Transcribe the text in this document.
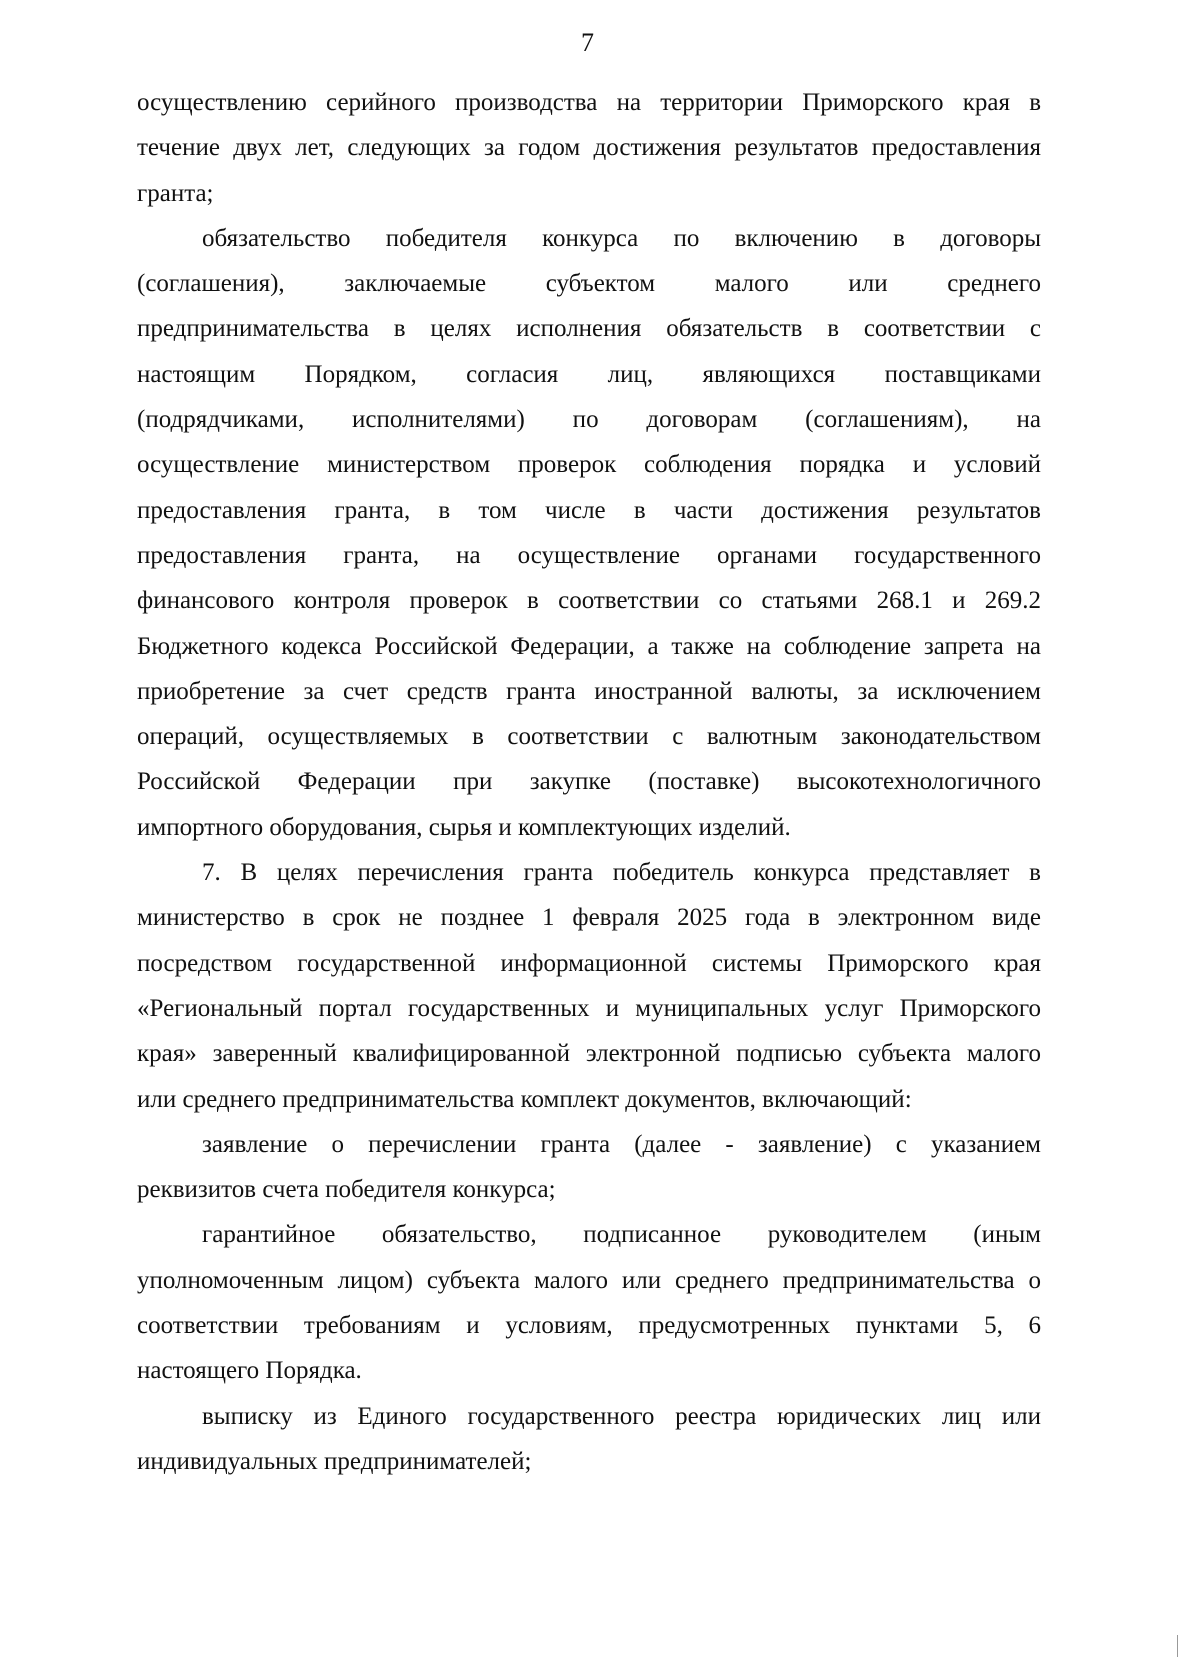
7
осуществлению серийного производства на территории Приморского края в
течение двух лет, следующих за годом достижения результатов предоставления
гранта;
обязательство победителя конкурса по включению в договоры
(соглашения), заключаемые субъектом малого или среднего
предпринимательства в целях исполнения обязательств в соответствии с
настоящим Порядком, согласия лиц, являющихся поставщиками
(подрядчиками, исполнителями) по договорам (соглашениям), на
осуществление министерством проверок соблюдения порядка и условий
предоставления гранта, в том числе в части достижения результатов
предоставления гранта, на осуществление органами государственного
финансового контроля проверок в соответствии со статьями 268.1 и 269.2
Бюджетного кодекса Российской Федерации, а также на соблюдение запрета на
приобретение за счет средств гранта иностранной валюты, за исключением
операций, осуществляемых в соответствии с валютным законодательством
Российской Федерации при закупке (поставке) высокотехнологичного
импортного оборудования, сырья и комплектующих изделий.
7. В целях перечисления гранта победитель конкурса представляет в
министерство в срок не позднее 1 февраля 2025 года в электронном виде
посредством государственной информационной системы Приморского края
«Региональный портал государственных и муниципальных услуг Приморского
края» заверенный квалифицированной электронной подписью субъекта малого
или среднего предпринимательства комплект документов, включающий:
заявление о перечислении гранта (далее - заявление) с указанием
реквизитов счета победителя конкурса;
гарантийное обязательство, подписанное руководителем (иным
уполномоченным лицом) субъекта малого или среднего предпринимательства о
соответствии требованиям и условиям, предусмотренных пунктами 5, 6
настоящего Порядка.
выписку из Единого государственного реестра юридических лиц или
индивидуальных предпринимателей;
